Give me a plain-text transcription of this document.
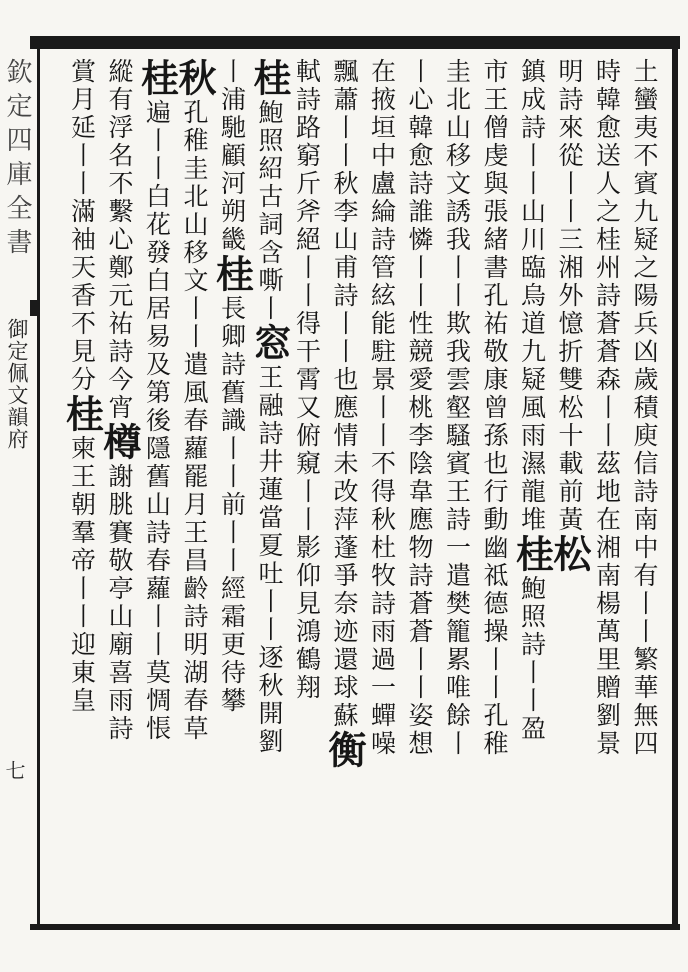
欽定四庫全書
御定佩文韻府
七
土蠻夷不賓九疑之陽兵凶歲積庾信詩南中有丨丨繁華無四
時韓愈送人之桂州詩蒼蒼森丨丨茲地在湘南楊萬里贈劉景
明詩來從丨丨三湘外憶折雙松十載前黃松
鎮成詩丨丨山川臨烏道九疑風雨濕龍堆桂鮑照詩丨丨盈
市王僧虔與張緒書孔祐敬康曾孫也行動幽祗德操丨丨孔稚
圭北山移文誘我丨丨欺我雲壑騷賓王詩一遣樊籠累唯餘丨
丨心韓愈詩誰憐丨丨性競愛桃李陰韋應物詩蒼蒼丨丨姿想
在掖垣中盧綸詩管絃能駐景丨丨不得秋杜牧詩雨過一蟬噪
飄蕭丨丨秋李山甫詩丨丨也應情未改萍蓬爭奈迹還球蘇衡
軾詩路窮斤斧絕丨丨得干霄又俯窺丨丨影仰見鴻鶴翔
桂鮑照紹古詞含嘶丨窓王融詩井蓮當夏吐丨丨逐秋開劉
丨浦馳顧河朔畿桂長卿詩舊識丨丨前丨丨經霜更待攀
秋孔稚圭北山移文丨丨遣風春蘿罷月王昌齡詩明湖春草
桂遍丨丨白花發白居易及第後隱舊山詩春蘿丨丨莫惆悵
縱有浮名不繫心鄭元祐詩今宵樽謝朓賽敬亭山廟喜雨詩
賞月延丨丨滿袖天香不見分桂柬王朝羣帝丨丨迎東皇
